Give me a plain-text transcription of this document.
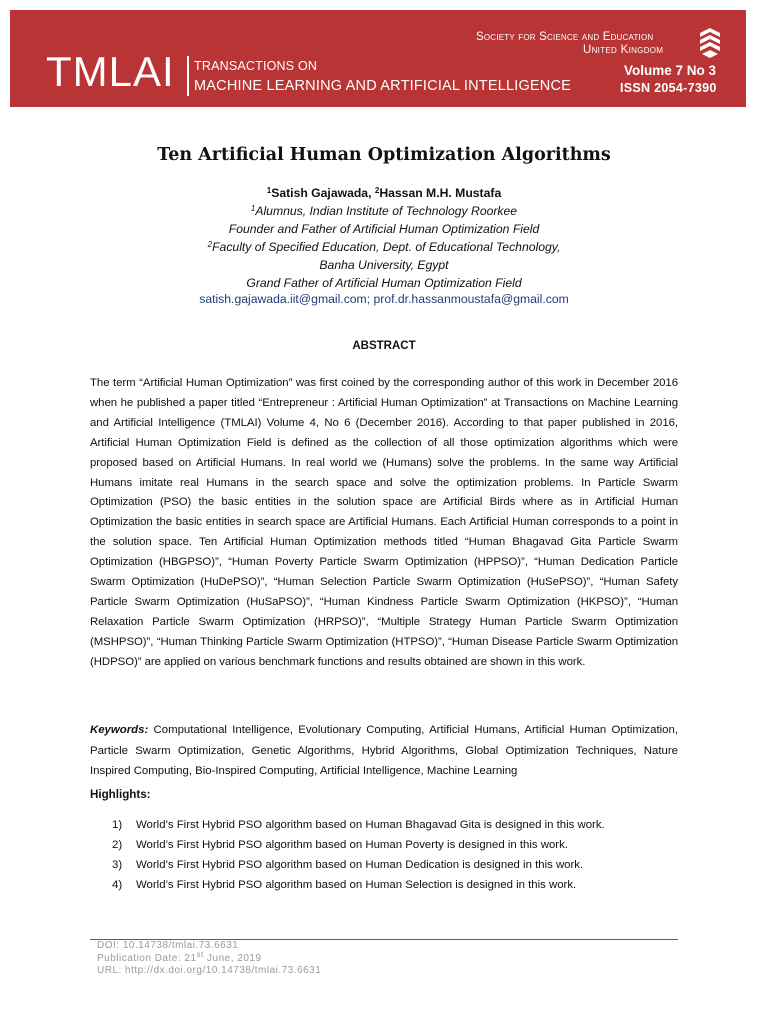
TMLAI TRANSACTIONS ON
MACHINE LEARNING AND ARTIFICIAL INTELLIGENCE
Society for Science and Education
United Kingdom
Volume 7 No 3
ISSN 2054-7390
Ten Artificial Human Optimization Algorithms
$^1$Satish Gajawada, $^2$Hassan M.H. Mustafa
$^1$Alumnus, Indian Institute of Technology Roorkee
Founder and Father of Artificial Human Optimization Field
$^2$Faculty of Specified Education, Dept. of Educational Technology,
Banha University, Egypt
Grand Father of Artificial Human Optimization Field
satish.gajawada.iit@gmail.com; prof.dr.hassanmoustafa@gmail.com
ABSTRACT
The term “Artificial Human Optimization” was first coined by the corresponding author of this work in December 2016 when he published a paper titled “Entrepreneur : Artificial Human Optimization” at Transactions on Machine Learning and Artificial Intelligence (TMLAI) Volume 4, No 6 (December 2016). According to that paper published in 2016, Artificial Human Optimization Field is defined as the collection of all those optimization algorithms which were proposed based on Artificial Humans. In real world we (Humans) solve the problems. In the same way Artificial Humans imitate real Humans in the search space and solve the optimization problems. In Particle Swarm Optimization (PSO) the basic entities in the solution space are Artificial Birds where as in Artificial Human Optimization the basic entities in search space are Artificial Humans. Each Artificial Human corresponds to a point in the solution space. Ten Artificial Human Optimization methods titled “Human Bhagavad Gita Particle Swarm Optimization (HBGPSO)”, “Human Poverty Particle Swarm Optimization (HPPSO)”, “Human Dedication Particle Swarm Optimization (HuDePSO)”, “Human Selection Particle Swarm Optimization (HuSePSO)”, “Human Safety Particle Swarm Optimization (HuSaPSO)”, “Human Kindness Particle Swarm Optimization (HKPSO)”, “Human Relaxation Particle Swarm Optimization (HRPSO)”, “Multiple Strategy Human Particle Swarm Optimization (MSHPSO)”, “Human Thinking Particle Swarm Optimization (HTPSO)”, “Human Disease Particle Swarm Optimization (HDPSO)” are applied on various benchmark functions and results obtained are shown in this work.
Keywords: Computational Intelligence, Evolutionary Computing, Artificial Humans, Artificial Human Optimization, Particle Swarm Optimization, Genetic Algorithms, Hybrid Algorithms, Global Optimization Techniques, Nature Inspired Computing, Bio-Inspired Computing, Artificial Intelligence, Machine Learning
Highlights:
1) World’s First Hybrid PSO algorithm based on Human Bhagavad Gita is designed in this work.
2) World’s First Hybrid PSO algorithm based on Human Poverty is designed in this work.
3) World’s First Hybrid PSO algorithm based on Human Dedication is designed in this work.
4) World’s First Hybrid PSO algorithm based on Human Selection is designed in this work.
DOI: 10.14738/tmlai.73.6631
Publication Date: 21st June, 2019
URL: http://dx.doi.org/10.14738/tmlai.73.6631
